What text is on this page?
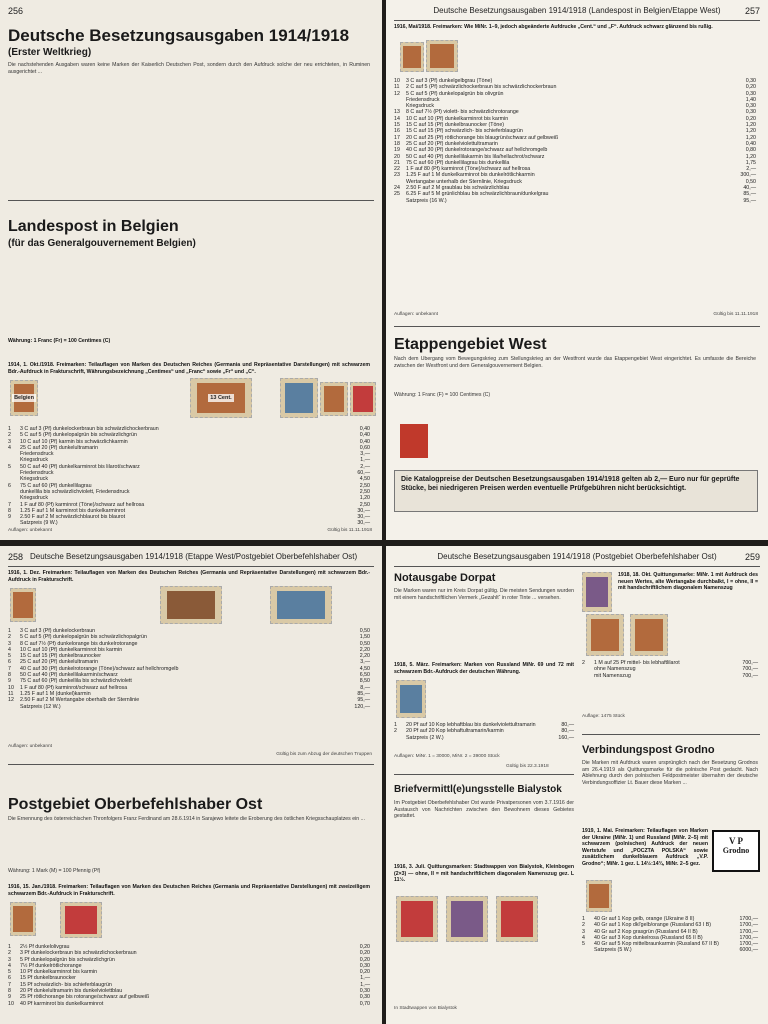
256
Deutsche Besetzungsausgaben 1914/1918
(Erster Weltkrieg)
Die nachstehenden Ausgaben waren keine Marken der Kaiserlich Deutschen Post, sondern durch den Aufdruck solche der neu errichteten, in Ruminen ausgerichtet ...
Landespost in Belgien
(für das Generalgouvernement Belgien)
Währung: 1 Franc (Fr) = 100 Centimes (C)
1914, 1. Okt./1918. Freimarken: Teilauflagen von Marken des Deutschen Reiches (Germania und Repräsentative Darstellungen) mit schwarzem Bdr.-Aufdruck in Frakturschrift, Währungsbezeichnung „Centimes“ und „Franc“ sowie „Fr“ und „C“.
Belgien	13 Cent.
1	3 C auf 3 (Pf) dunkelockerbraun bis schwärzlichockerbraun	0,40
2	5 C auf 5 (Pf) dunkelopalgrün bis schwärzlichgrün	0,40
3	10 C auf 10 (Pf) karmin bis schwärzlichkarmin	0,40
4	25 C auf 20 (Pf) dunkelultramarin	0,60
Friedensdruck	3,—
Kriegsdruck	1,—
5	50 C auf 40 (Pf) dunkelkarminrot bis lilarot/schwarz	2,—
Friedensdruck	60,—
Kriegsdruck	4,50
6	75 C auf 60 (Pf) dunkellilagrau	2,50
dunkellila bis schwärzlichviolett, Friedensdruck	2,50
Kriegsdruck	1,20
7	1 F auf 80 (Pf) karminrot (Töne)/schwarz auf hellrosa	2,50
8	1.25 F auf 1 M karminrot bis dunkelkarminrot	30,—
9	2.50 F auf 2 M schwärzlichblaurot bis blaurot	30,—
Satzpreis (9 W.)	30,—
Auflagen: unbekannt	Gültig bis 11.11.1918
Deutsche Besetzungsausgaben 1914/1918 (Landespost in Belgien/Etappe West)	257
1916, Mai/1918. Freimarken: Wie MiNr. 1–9, jedoch abgeänderte Aufdrucke „Cent.“ und „F“. Aufdruck schwarz glänzend bis rußig.
10	3 C auf 3 (Pf) dunkelgelbgrau (Töne)	0,30
11	2 C auf 5 (Pf) schwärzlichockerbraun bis schwärzlichockerbraun	0,20
12	5 C auf 5 (Pf) dunkelopalgrün bis olivgrün	0,30
Friedensdruck	1,40
Kriegsdruck	0,30
13	8 C auf 7½ (Pf) violett- bis schwärzlichrotorange	0,30
14	10 C auf 10 (Pf) dunkelkarminrot bis karmin	0,20
15	15 C auf 15 (Pf) dunkelbraunocker (Töne)	1,20
16	15 C auf 15 (Pf) schwärzlich- bis schieferblaugrün	1,20
17	20 C auf 25 (Pf) rötlichorange bis blaugrün/schwarz auf gelbweiß	1,20
18	25 C auf 20 (Pf) dunkelviolettultramarin	0,40
19	40 C auf 30 (Pf) dunkelrotorange/schwarz auf hellchromgelb	0,80
20	50 C auf 40 (Pf) dunkellilakarmin bis lila/hellachrot/schwarz	1,20
21	75 C auf 60 (Pf) dunkellilagrau bis dunkellila	1,75
22	1 F auf 80 (Pf) karminrot (Töne)/schwarz auf hellrosa	2,—
23	1.25 F auf 1 M dunkelkarminrot bis dunkelrötlichkarmin	300,—
Wertangabe unterhalb der Sternlinie, Kriegsdruck	0,50
24	2.50 F auf 2 M graublau bis schwärzlichblau	40,—
25	6.25 F auf 5 M grünlichblau bis schwärzlichbraun/dunkelgrau	85,—
Satzpreis (16 W.)	95,—
Auflagen: unbekannt	Gültig bis 11.11.1918
Etappengebiet West
Nach dem Übergang vom Bewegungskrieg zum Stellungskrieg an der Westfront wurde das Etappengebiet West eingerichtet. Es umfasste die Bereiche zwischen der Westfront und dem Generalgouvernement Belgien.
Währung: 1 Franc (F) = 100 Centimes (C)
Die Katalogpreise der Deutschen Besetzungsausgaben 1914/1918 gelten ab 2,— Euro nur für geprüfte Stücke, bei niedrigeren Preisen werden eventuelle Prüfgebühren nicht berücksichtigt.
258 Deutsche Besetzungsausgaben 1914/1918 (Etappe West/Postgebiet Oberbefehlshaber Ost)
1916, 1. Dez. Freimarken: Teilauflagen von Marken des Deutschen Reiches (Germania und Repräsentative Darstellungen) mit schwarzem Bdr.-Aufdruck in Frakturschrift.
1	3 C auf 3 (Pf) dunkelockerbraun	0,50
2	5 C auf 5 (Pf) dunkelopalgrün bis schwärzlichopalgrün	1,50
3	8 C auf 7½ (Pf) dunkelorange bis dunkelrotorange	0,50
4	10 C auf 10 (Pf) dunkelkarminrot bis karmin	2,20
5	15 C auf 15 (Pf) dunkelbraunocker	2,20
6	25 C auf 20 (Pf) dunkelultramarin	3,—
7	40 C auf 30 (Pf) dunkelrotorange (Töne)/schwarz auf hellchromgelb	4,50
8	50 C auf 40 (Pf) dunkellilakarmin/schwarz	6,50
9	75 C auf 60 (Pf) dunkellila bis schwärzlichviolett	8,50
10	1 F auf 80 (Pf) karminrot/schwarz auf hellrosa	8,—
11	1.25 F auf 1 M (dunkel)karmin	85,—
12	2.50 F auf 2 M Wertangabe oberhalb der Sternlinie	95,—
Satzpreis (12 W.)	120,—
Auflagen: unbekannt
Gültig bis zum Abzug der deutschen Truppen
Postgebiet Oberbefehlshaber Ost
Die Ernennung des österreichischen Thronfolgers Franz Ferdinand am 28.6.1914 in Sarajewo leitete die Eroberung des östlichen Kriegsschauplatzes ein ...
Währung: 1 Mark (M) = 100 Pfennig (Pf)
1916, 15. Jan./1918. Freimarken: Teilauflagen von Marken des Deutschen Reiches (Germania und Repräsentative Darstellungen) mit zweizeiligem schwarzem Bdr.-Aufdruck in Frakturschrift.
1	2½ Pf dunkelolivgrau	0,20
2	3 Pf dunkelockerbraun bis schwärzlichockerbraun	0,20
3	5 Pf dunkelopalgrün bis schwärzlichgrün	0,20
4	7½ Pf dunkelrötlichorange	0,30
5	10 Pf dunkelkarminrot bis karmin	0,20
6	15 Pf dunkelbraunocker	1,—
7	15 Pf schwärzlich- bis schieferblaugrün	1,—
8	20 Pf dunkelultramarin bis dunkelviolettblau	0,30
9	25 Pf rötlichorange bis rotorange/schwarz auf gelbweiß	0,30
10	40 Pf karminrot bis dunkelkarminrot	0,70
Deutsche Besetzungsausgaben 1914/1918 (Postgebiet Oberbefehlshaber Ost)	259
Notausgabe Dorpat
Die Marken waren nur im Kreis Dorpat gültig. Die meisten Sendungen wurden mit einem handschriftlichen Vermerk „Gezahlt“ in roter Tinte ... versehen.
1918, 5. März. Freimarken: Marken von Russland MiNr. 69 und 72 mit schwarzem Bdr.-Aufdruck der deutschen Währung.
1	20 Pf auf 10 Kop lebhaftblau bis dunkelviolettultramarin	80,—
2	20 Pf auf 20 Kop lebhaftultramarin/karmin	80,—
Satzpreis (2 W.)	160,—
Auflagen: MiNr. 1 = 30000, MiNr. 2 = 39000 Stück
Gültig bis 22.3.1918
Briefvermittl(e)ungsstelle Bialystok
Im Postgebiet Oberbefehlshaber Ost wurde Privatpersonen vom 3.7.1916 der Austausch von Nachrichten zwischen den Bewohnern dieses Gebietes gestattet.
1916, 3. Juli. Quittungsmarken: Stadtwappen von Bialystok, Kleinbogen (2×3) — ohne, II = mit handschriftlichem diagonalem Namenszug gez. L 11½.
In Stadtwappen von Bialystok
1918, 18. Okt. Quittungsmarke: MiNr. 1 mit Aufdruck des neuen Wertes, alte Wertangabe durchbalkt, I = ohne, II = mit handschriftlichem diagonalem Namenszug
2	1 M auf 25 Pf mittel- bis lebhaftlilarot	700,—
ohne Namenszug	700,—
mit Namenszug	700,—
Auflage: 1475 Stück
Verbindungspost Grodno
Die Marken mit Aufdruck waren ursprünglich nach der Besetzung Grodnos am 26.4.1919 als Quittungsmarke für die polnische Post gedacht. Nach Ablehnung durch den polnischen Feldpostmeister übernahm der deutsche Verbindungsoffizier Lt. Bauer diese Marken ...
1919, 1. Mai. Freimarken: Teilauflagen von Marken der Ukraine (MiNr. 1) und Russland (MiNr. 2–5) mit schwarzem (polnischen) Aufdruck der neuen Wertstufe und „POCZTA POLSKA“ sowie zusätzlichem dunkelblauem Aufdruck „V.P. Grodno“; MiNr. 1 gez. L 14½:14¾, MiNr. 2–5 gez.
V P
Grodno
1	40 Gr auf 1 Kop gelb, orange (Ukraine 8 II)	1700,—
2	40 Gr auf 1 Kop dkl'gelb/orange (Russland 63 I B)	1700,—
3	40 Gr auf 2 Kop grasgrün (Russland 64 II B)	1700,—
4	40 Gr auf 3 Kop dunkelrosa (Russland 65 II B)	1700,—
5	40 Gr auf 5 Kop mittelbraunkarmin (Russland 67 II B)	1700,—
Satzpreis (5 W.)	6000,—
